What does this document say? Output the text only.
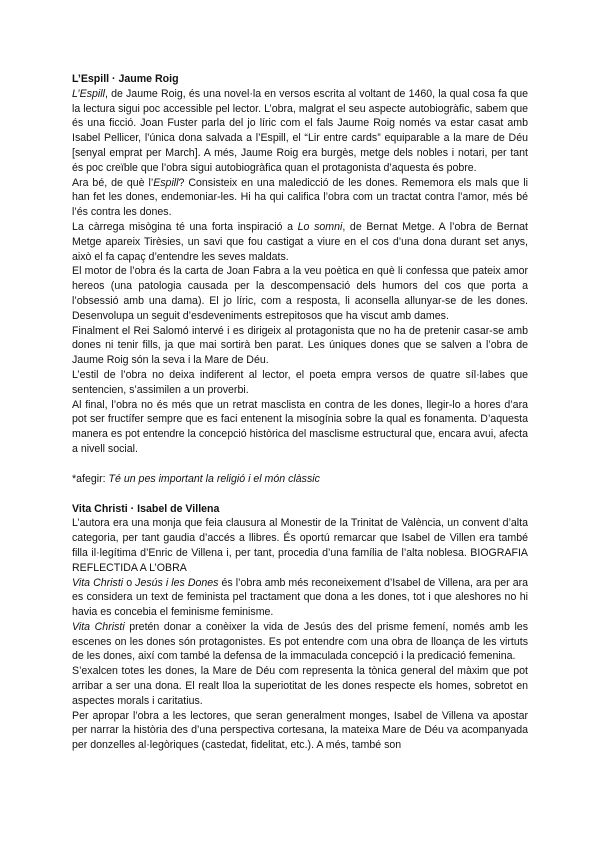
L’Espill · Jaume Roig

L’Espill, de Jaume Roig, és una novel·la en versos escrita al voltant de 1460, la qual cosa fa que la lectura sigui poc accessible pel lector. L’obra, malgrat el seu aspecte autobiogràfic, sabem que és una ficció. Joan Fuster parla del jo líric com el fals Jaume Roig només va estar casat amb Isabel Pellicer, l’única dona salvada a l’Espill, el “Lir entre cards” equiparable a la mare de Déu [senyal emprat per March]. A més, Jaume Roig era burgès, metge dels nobles i notari, per tant és poc creïble que l’obra sigui autobiogràfica quan el protagonista d’aquesta és pobre.

Ara bé, de què l’Espill? Consisteix en una maledicció de les dones. Rememora els mals que li han fet les dones, endemoniar-les. Hi ha qui califica l’obra com un tractat contra l’amor, més bé l’és contra les dones.

La càrrega misògina té una forta inspiració a Lo somni, de Bernat Metge. A l’obra de Bernat Metge apareix Tirèsies, un savi que fou castigat a viure en el cos d’una dona durant set anys, això el fa capaç d’entendre les seves maldats.

El motor de l’obra és la carta de Joan Fabra a la veu poètica en què li confessa que pateix amor hereos (una patologia causada per la descompensació dels humors del cos que porta a l’obsessió amb una dama). El jo líric, com a resposta, li aconsella allunyar-se de les dones. Desenvolupa un seguit d’esdeveniments estrepitosos que ha viscut amb dames.

Finalment el Rei Salomó intervé i es dirigeix al protagonista que no ha de pretenir casar-se amb dones ni tenir fills, ja que mai sortirà ben parat. Les úniques dones que se salven a l’obra de Jaume Roig són la seva i la Mare de Déu.

L’estil de l’obra no deixa indiferent al lector, el poeta empra versos de quatre síl·labes que sentencien, s’assimilen a un proverbi.

Al final, l’obra no és més que un retrat masclista en contra de les dones, llegir-lo a hores d’ara pot ser fructífer sempre que es faci entenent la misogínia sobre la qual es fonamenta. D’aquesta manera es pot entendre la concepció històrica del masclisme estructural que, encara avui, afecta a nivell social.

*afegir: Té un pes important la religió i el món clàssic

Vita Christi · Isabel de Villena

L’autora era una monja que feia clausura al Monestir de la Trinitat de València, un convent d’alta categoria, per tant gaudia d’accés a llibres. És oportú remarcar que Isabel de Villen era també filla il·legítima d’Enric de Villena i, per tant, procedia d’una família de l’alta noblesa. BIOGRAFIA REFLECTIDA A L’OBRA

Vita Christi o Jesús i les Dones és l’obra amb més reconeixement d’Isabel de Villena, ara per ara es considera un text de feminista pel tractament que dona a les dones, tot i que aleshores no hi havia es concebia el feminisme feminisme.

Vita Christi pretén donar a conèixer la vida de Jesús des del prisme femení, només amb les escenes on les dones són protagonistes. Es pot entendre com una obra de lloança de les virtuts de les dones, així com també la defensa de la immaculada concepció i la predicació femenina.

S’exalcen totes les dones, la Mare de Déu com representa la tònica general del màxim que pot arribar a ser una dona. El realt lloa la superiotitat de les dones respecte els homes, sobretot en aspectes morals i caritatius.

Per apropar l’obra a les lectores, que seran generalment monges, Isabel de Villena va apostar per narrar la història des d’una perspectiva cortesana, la mateixa Mare de Déu va acompanyada per donzelles al·legòriques (castedat, fidelitat, etc.). A més, també son
